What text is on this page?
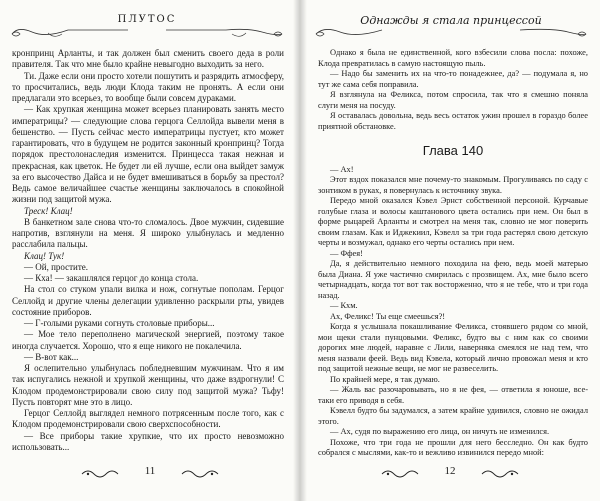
ПЛУТОС

кронпринц Арланты, и так должен был сменить своего деда в роли правителя. Так что мне было крайне невыгодно выходить за него.

Ти. Даже если они просто хотели пошутить и разрядить атмосферу, то просчитались, ведь люди Клода таким не пронять. А если они предлагали это всерьез, то вообще были совсем дураками.

— Как хрупкая женщина может всерьез планировать занять место императрицы? — следующие слова герцога Селлойда вывели меня в бешенство. — Пусть сейчас место императрицы пустует, кто может гарантировать, что в будущем не родится законный кронпринц? Тогда порядок престолонаследия изменится. Принцесса такая нежная и прекрасная, как цветок. Не будет ли ей лучше, если она выйдет замуж за его высочество Дайса и не будет вмешиваться в борьбу за престол? Ведь самое величайшее счастье женщины заключалось в спокойной жизни под защитой мужа.

Треск! Клац!

В банкетном зале снова что-то сломалось. Двое мужчин, сидевшие напротив, взглянули на меня. Я широко улыбнулась и медленно расслабила пальцы.

Клац! Тук!

— Ой, простите.

— Кха! — закашлялся герцог до конца стола.

На стол со стуком упали вилка и нож, согнутые пополам. Герцог Селлойд и другие члены делегации удивленно раскрыли рты, увидев состояние приборов.

— Г-голыми руками согнуть столовые приборы...

— Мое тело переполнено магической энергией, поэтому такое иногда случается. Хорошо, что я еще никого не покалечила.

— В-вот как...

Я ослепительно улыбнулась побледневшим мужчинам. Что я им так испугались нежной и хрупкой женщины, что даже вздрогнули! С Клодом продемонстрировали свою силу под защитой мужа? Тьфу! Пусть повторят мне это в лицо.

Герцог Селлойд выглядел немного потрясенным после того, как с Клодом продемонстрировали свою сверхспособности.

— Все приборы такие хрупкие, что их просто невозможно использовать...

11
Однажды я стала принцессой

Однако я была не единственной, кого взбесили слова посла: похоже, Клода превратилась в самую настоящую пыль.

— Надо бы заменить их на что-то понадежнее, да? — подумала я, но тут же сама себя поправила.

Я взглянула на Феликса, потом спросила, так что я смешно поняла слуги меня на посуду.

Я оставалась довольна, ведь весь остаток ужин прошел в гораздо более приятной обстановке.

Глава 140

— Ах!

Этот вздох показался мне почему-то знакомым. Прогуливаясь по саду с зонтиком в руках, я повернулась к источнику звука.

Передо мной оказался Кэвел Эрнст собственной персоной. Курчавые голубые глаза и волосы каштанового цвета остались при нем. Он был в форме рыцарей Арланты и смотрел на меня так, словно не мог поверить своим глазам. Как и Иджекиил, Кэвелл за три года растерял свою детскую черты и возмужал, однако его черты остались при нем.

— Ффея!

Да, я действительно немного походила на фею, ведь моей матерью была Диана. Я уже частично смирилась с прозвищем. Ах, мне было всего четырнадцать, когда тот вот так восторженно, что я не тебе, что и три года назад.

— Кхм.

Ах, Феликс! Ты еще смеешься?!

Когда я услышала покашливание Феликса, стоявшего рядом со мной, мои щеки стали пунцовыми. Феликс, будто вы с ним как со своими дорогих мне людей, наравне с Лили, наверняка смеялся не над тем, что меня назвали феей. Ведь вид Кэвела, который лично провожал меня и кто под защитой нежные вещи, не мог не развеселить.

По крайней мере, я так думаю.

— Жаль вас разочаровывать, но я не фея, — ответила я юноше, все-таки его приводя в себя.

Кэвелл будто бы задумался, а затем крайне удивился, словно не ожидал этого.

— Ах, судя по выражению его лица, он ничуть не изменился.

Похоже, что три года не прошли для него бесследно. Он как будто собрался с мыслями, как-то и вежливо извинился передо мной:

12
